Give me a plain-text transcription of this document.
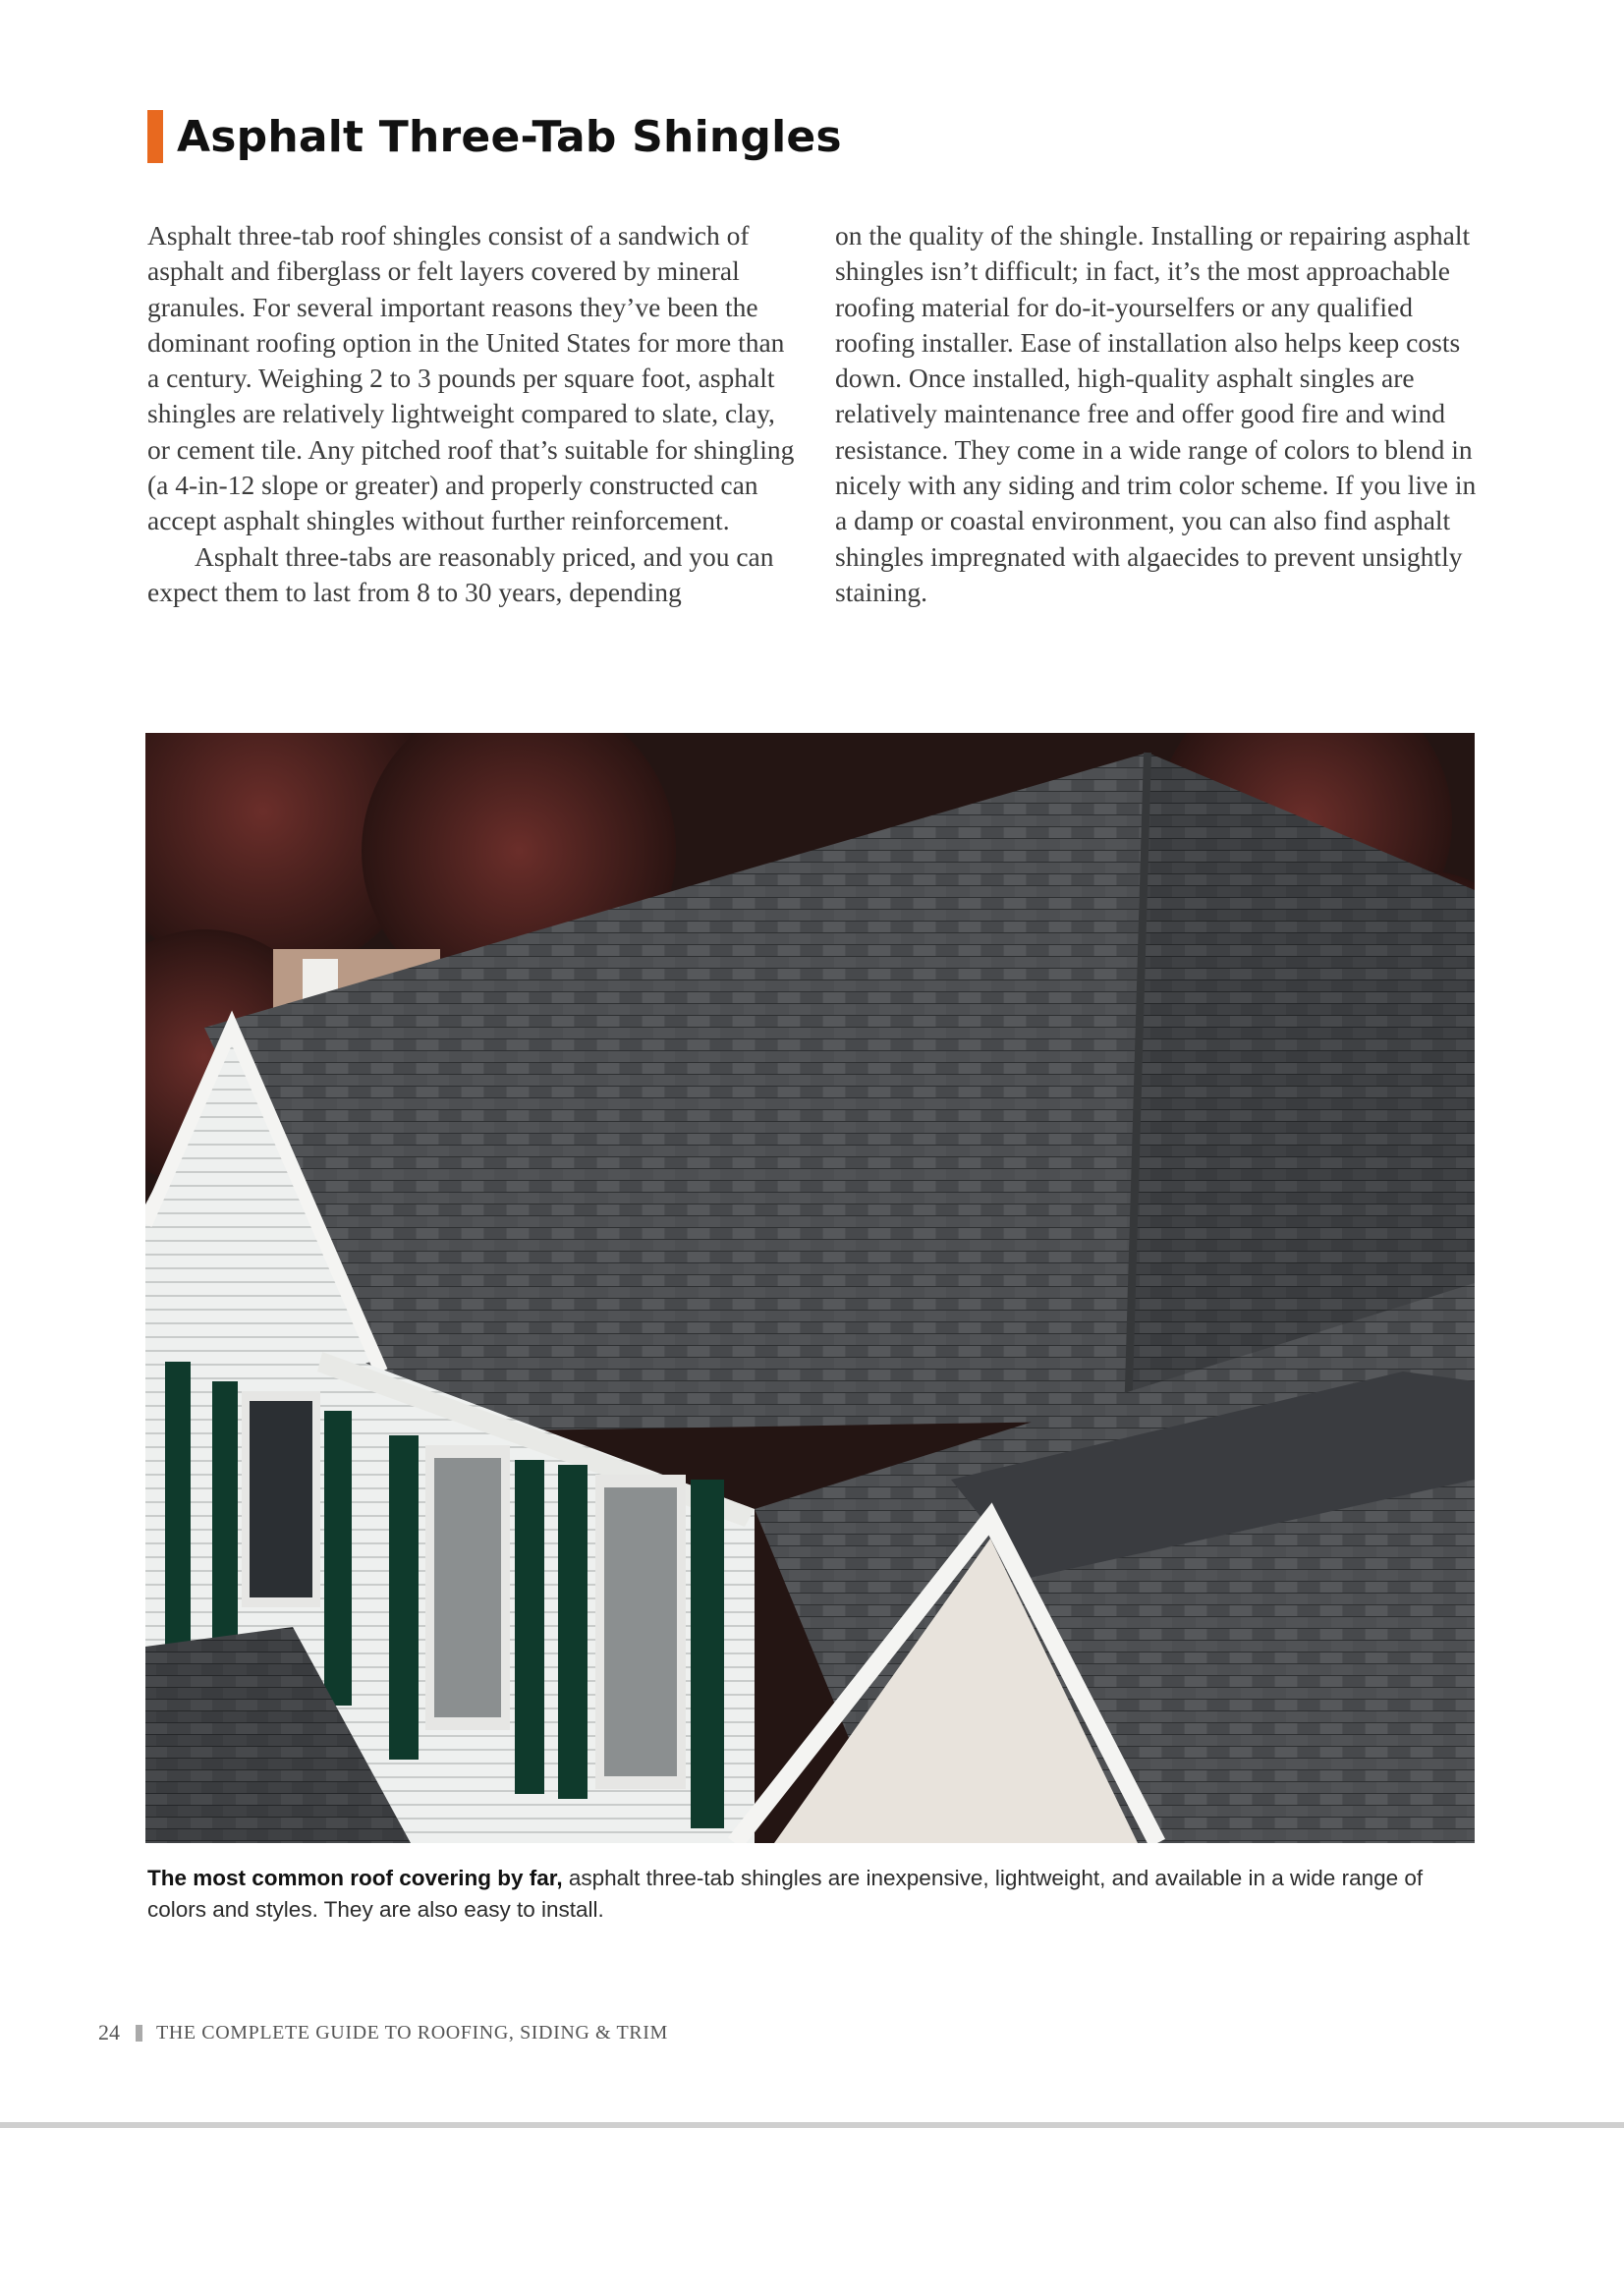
Asphalt Three-Tab Shingles

Asphalt three-tab roof shingles consist of a sandwich of asphalt and fiberglass or felt layers covered by mineral granules. For several important reasons they’ve been the dominant roofing option in the United States for more than a century. Weighing 2 to 3 pounds per square foot, asphalt shingles are relatively lightweight compared to slate, clay, or cement tile. Any pitched roof that’s suitable for shingling (a 4-in-12 slope or greater) and properly constructed can accept asphalt shingles without further reinforcement.

Asphalt three-tabs are reasonably priced, and you can expect them to last from 8 to 30 years, depending

on the quality of the shingle. Installing or repairing asphalt shingles isn’t difficult; in fact, it’s the most approachable roofing material for do-it-yourselfers or any qualified roofing installer. Ease of installation also helps keep costs down. Once installed, high-quality asphalt singles are relatively maintenance free and offer good fire and wind resistance. They come in a wide range of colors to blend in nicely with any siding and trim color scheme. If you live in a damp or coastal environment, you can also find asphalt shingles impregnated with algaecides to prevent unsightly staining.

The most common roof covering by far, asphalt three-tab shingles are inexpensive, lightweight, and available in a wide range of colors and styles. They are also easy to install.
24 THE COMPLETE GUIDE TO ROOFING, SIDING & TRIM
